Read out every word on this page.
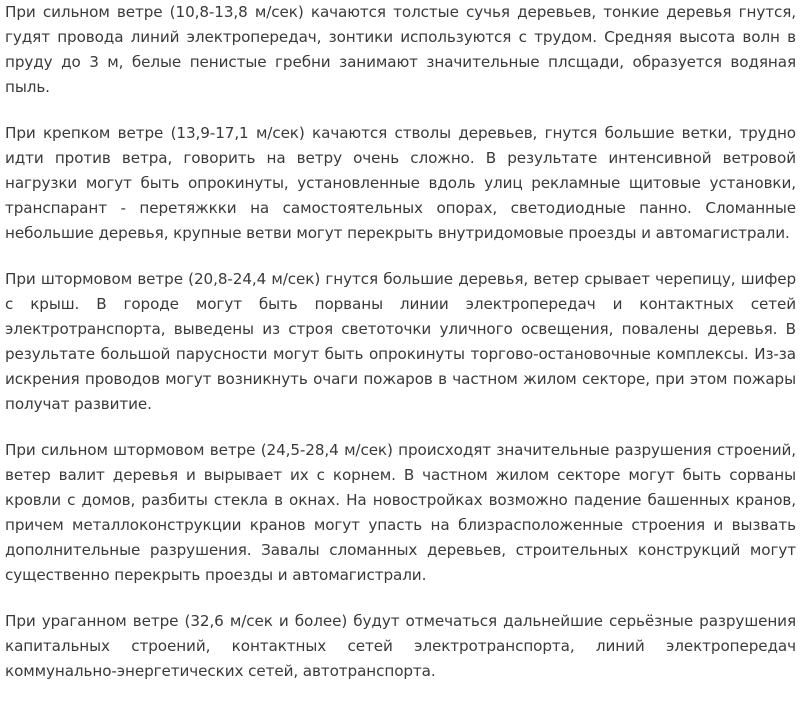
При сильном ветре (10,8-13,8 м/сек) качаются толстые сучья деревьев, тонкие деревья гнутся, гудят провода линий электропередач, зонтики используются с трудом. Средняя высота волн в пруду до 3 м, белые пенистые гребни занимают значительные плсщади, образуется водяная пыль.

При крепком ветре (13,9-17,1 м/сек) качаются стволы деревьев, гнутся большие ветки, трудно идти против ветра, говорить на ветру очень сложно. В результате интенсивной ветровой нагрузки могут быть опрокинуты, установленные вдоль улиц рекламные щитовые установки, транспарант - перетяжкки на самостоятельных опорах, светодиодные панно. Сломанные небольшие деревья, крупные ветви могут перекрыть внутридомовые проезды и автомагистрали.

При штормовом ветре (20,8-24,4 м/сек) гнутся большие деревья, ветер срывает черепицу, шифер с крыш. В городе могут быть порваны линии электропередач и контактных сетей электротранспорта, выведены из строя светоточки уличного освещения, повалены деревья. В результате большой парусности могут быть опрокинуты торгово-остановочные комплексы. Из-за искрения проводов могут возникнуть очаги пожаров в частном жилом секторе, при этом пожары получат развитие.

При сильном штормовом ветре (24,5-28,4 м/сек) происходят значительные разрушения строений, ветер валит деревья и вырывает их с корнем. В частном жилом секторе могут быть сорваны кровли с домов, разбиты стекла в окнах. На новостройках возможно падение башенных кранов, причем металлоконструкции кранов могут упасть на близрасположенные строения и вызвать дополнительные разрушения. Завалы сломанных деревьев, строительных конструкций могут существенно перекрыть проезды и автомагистрали.

При ураганном ветре (32,6 м/сек и более) будут отмечаться дальнейшие серьёзные разрушения капитальных строений, контактных сетей электротранспорта, линий электропередач коммунально-энергетических сетей, автотранспорта.
